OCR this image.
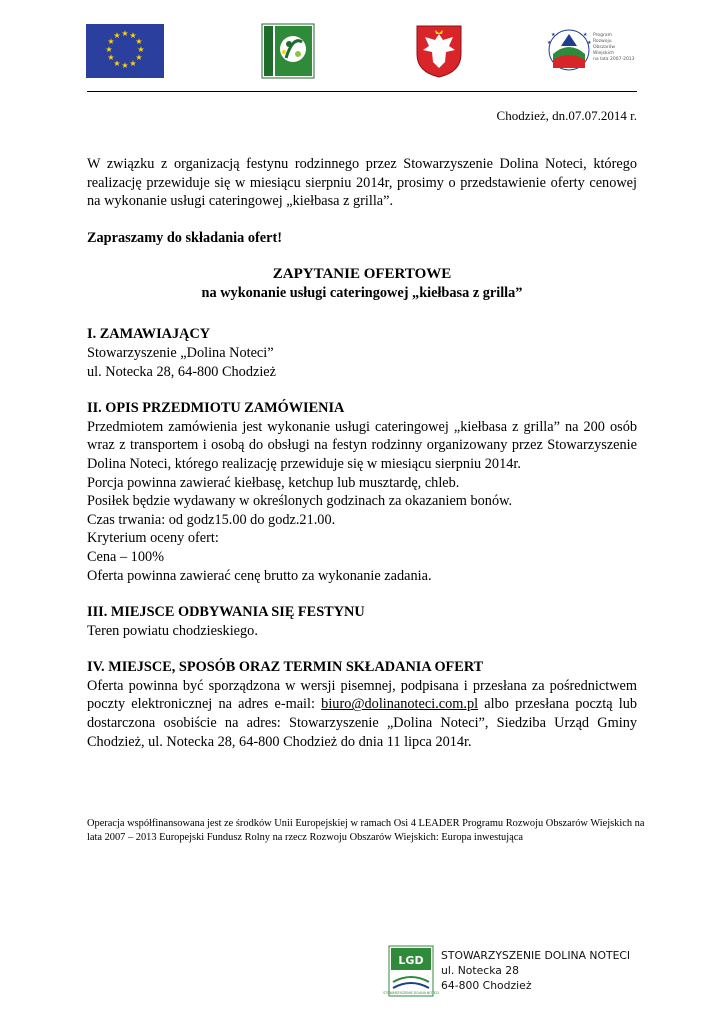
★ ★
★
★
★
★
★
★
★
★
★
★	★	★
★
★
Program
Rozwoju
Obszarów
Wiejskich
na lata 2007-2013
Chodzież, dn.07.07.2014 r.

W związku z organizacją festynu rodzinnego przez Stowarzyszenie Dolina Noteci, którego realizację przewiduje się w miesiącu sierpniu 2014r, prosimy o przedstawienie oferty cenowej na wykonanie usługi cateringowej „kiełbasa z grilla”.

Zapraszamy do składania ofert!

ZAPYTANIE OFERTOWE

na wykonanie usługi cateringowej „kiełbasa z grilla”

I. ZAMAWIAJĄCY

Stowarzyszenie „Dolina Noteci”

ul. Notecka 28, 64-800 Chodzież

II. OPIS PRZEDMIOTU ZAMÓWIENIA

Przedmiotem zamówienia jest wykonanie usługi cateringowej „kiełbasa z grilla” na 200 osób wraz z transportem i osobą do obsługi na festyn rodzinny organizowany przez Stowarzyszenie Dolina Noteci, którego realizację przewiduje się w miesiącu sierpniu 2014r.

Porcja powinna zawierać kiełbasę, ketchup lub musztardę, chleb.

Posiłek będzie wydawany w określonych godzinach za okazaniem bonów.

Czas trwania: od godz15.00 do godz.21.00.

Kryterium oceny ofert:

Cena – 100%

Oferta powinna zawierać cenę brutto za wykonanie zadania.

III. MIEJSCE ODBYWANIA SIĘ FESTYNU

Teren powiatu chodzieskiego.

IV. MIEJSCE, SPOSÓB ORAZ TERMIN SKŁADANIA OFERT

Oferta powinna być sporządzona w wersji pisemnej, podpisana i przesłana za pośrednictwem poczty elektronicznej na adres e-mail: biuro@dolinanoteci.com.pl albo przesłana pocztą lub dostarczona osobiście na adres: Stowarzyszenie „Dolina Noteci”, Siedziba Urząd Gminy Chodzież, ul. Notecka 28, 64-800 Chodzież do dnia 11 lipca 2014r.

Operacja współfinansowana jest ze środków Unii Europejskiej w ramach Osi 4 LEADER Programu Rozwoju Obszarów Wiejskich na lata 2007 – 2013 Europejski Fundusz Rolny na rzecz Rozwoju Obszarów Wiejskich: Europa inwestująca
LGD
STOWARZYSZENIE DOLINA NOTECI
STOWARZYSZENIE DOLINA NOTECI
ul. Notecka 28
64-800 Chodzież
